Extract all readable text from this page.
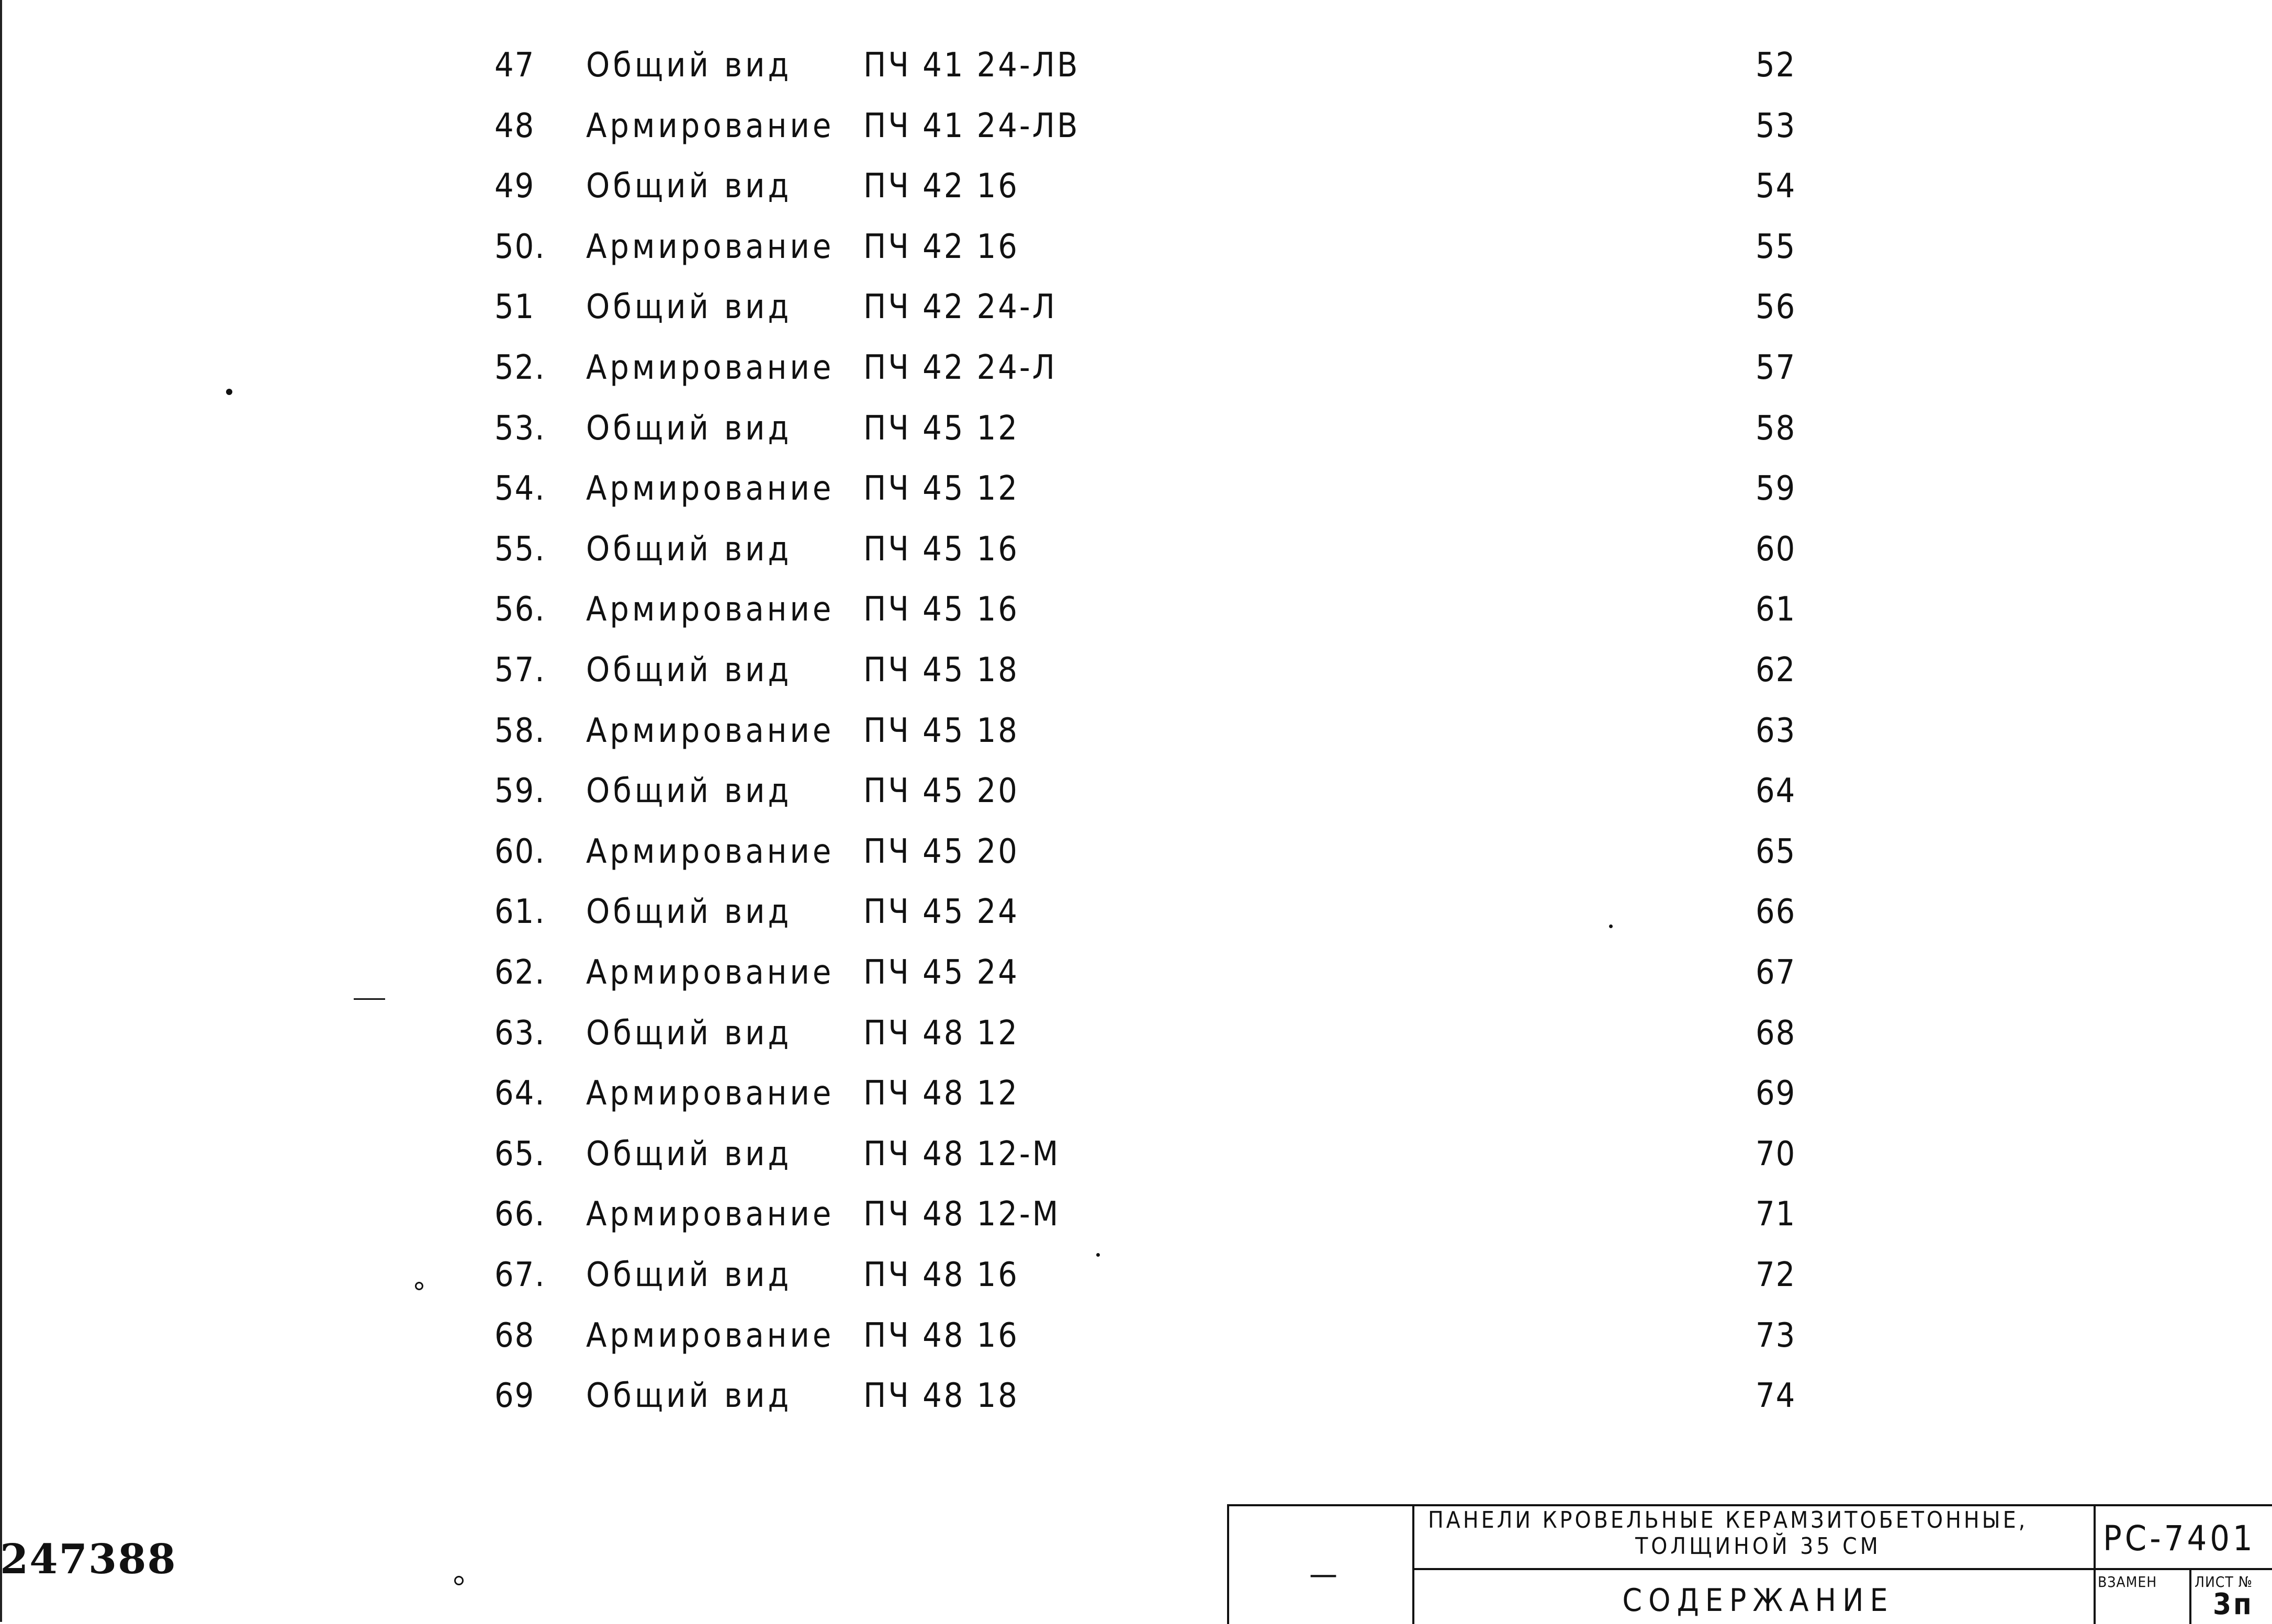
47	Общий вид	ПЧ 41 24-ЛВ	52
48	Армирование ПЧ 41 24-ЛВ	53
49	Общий вид	ПЧ 42 16	54
50.	Армирование ПЧ 42 16	55
51	Общий вид	ПЧ 42 24-Л	56
52.	Армирование ПЧ 42 24-Л	57
53.	Общий вид	ПЧ 45 12	58
54.	Армирование ПЧ 45 12	59
55.	Общий вид	ПЧ 45 16	60
56.	Армирование ПЧ 45 16	61
57.	Общий вид	ПЧ 45 18	62
58.	Армирование ПЧ 45 18	63
59.	Общий вид	ПЧ 45 20	64
60.	Армирование ПЧ 45 20	65
61.	Общий вид	ПЧ 45 24	66
62.	Армирование ПЧ 45 24	67
63.	Общий вид	ПЧ 48 12	68
64.	Армирование ПЧ 48 12	69
65.	Общий вид	ПЧ 48 12-М	70
66.	Армирование ПЧ 48 12-М	71
67.	Общий вид	ПЧ 48 16	72
68	Армирование ПЧ 48 16	73
69	Общий вид	ПЧ 48 18	74
247388	—
ПАНЕЛИ КРОВЕЛЬНЫЕ КЕРАМЗИТОБЕТОННЫЕ,
ТОЛЩИНОЙ 35 СМ	РС-7401
СОДЕРЖАНИЕ
ВЗАМЕН	ЛИСТ №
3п
